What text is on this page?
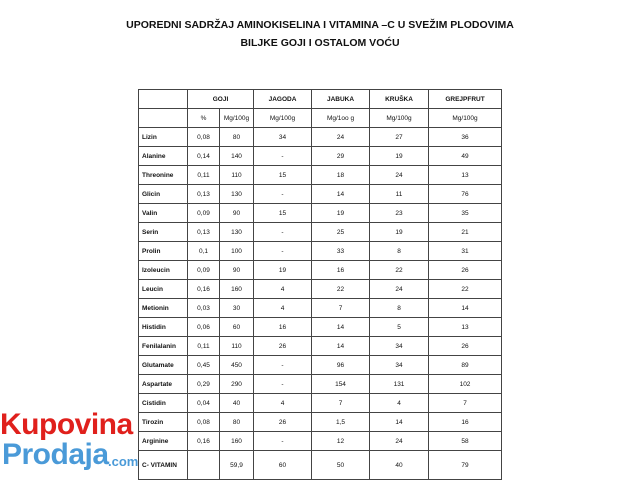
UPOREDNI SADRŽAJ AMINOKISELINA I VITAMINA –C U SVEŽIM PLODOVIMA
BILJKE GOJI I OSTALOM VOĆU
	GOJI		JAGODA	JABUKA	KRUŠKA	GREJPFRUT
	%	Mg/100g	Mg/100g	Mg/1oo g	Mg/100g	Mg/100g
Lizin	0,08	80	34	24	27	36
Alanine	0,14	140	-	29	19	49
Threonine	0,11	110	15	18	24	13
Glicin	0,13	130	-	14	11	76
Valin	0,09	90	15	19	23	35
Serin	0,13	130	-	25	19	21
Prolin	0,1	100	-	33	8	31
Izoleucin	0,09	90	19	16	22	26
Leucin	0,16	160	4	22	24	22
Metionin	0,03	30	4	7	8	14
Histidin	0,06	60	16	14	5	13
Fenilalanin	0,11	110	26	14	34	26
Glutamate	0,45	450	-	96	34	89
Aspartate	0,29	290	-	154	131	102
Cistidin	0,04	40	4	7	4	7
Tirozin	0,08	80	26	1,5	14	16
Arginine	0,16	160	-	12	24	58
C- VITAMIN		59,9	60	50	40	79
Kupovina
Prodaja .com
